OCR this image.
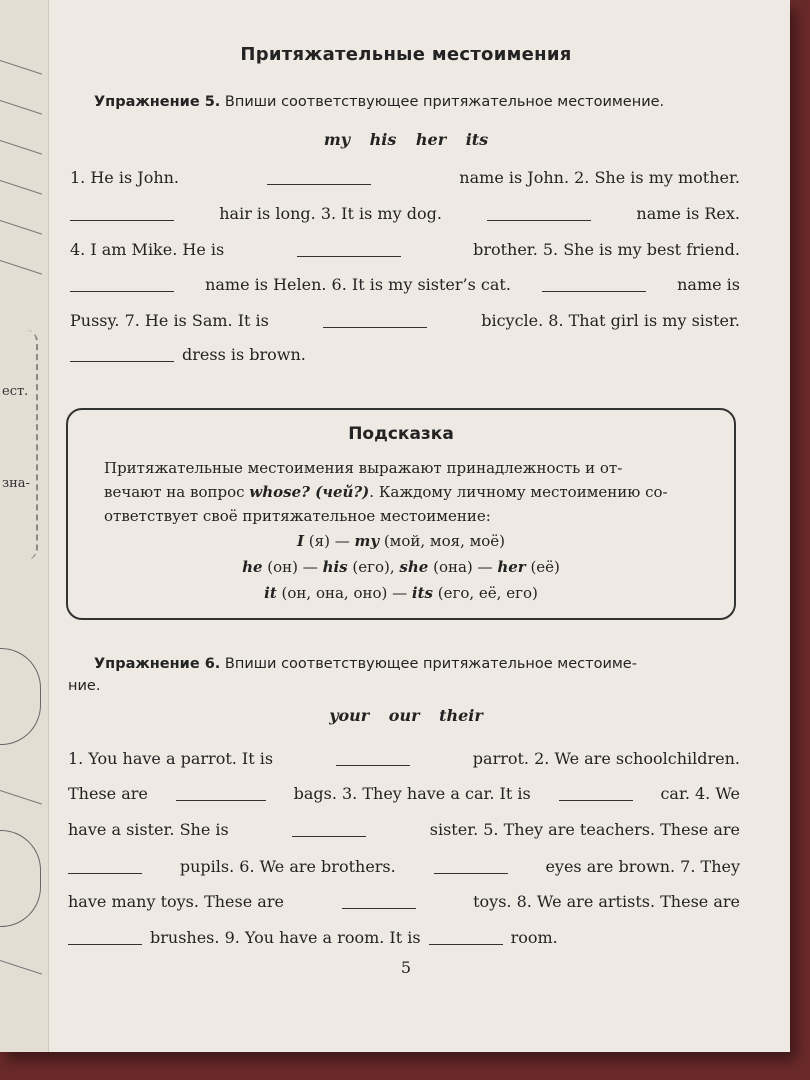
ест.
зна-
Притяжательные местоимения
Упражнение 5. Впиши соответствующее притяжательное местоимение.
my his her its
1. He is John.	name is John. 2. She is my mother.
hair is long. 3. It is my dog.	name is Rex.
4. I am Mike. He is	brother. 5. She is my best friend.
name is Helen. 6. It is my sister’s cat.	name is
Pussy. 7. He is Sam. It is	bicycle. 8. That girl is my sister.
dress is brown.
Подсказка
Притяжательные местоимения выражают принадлежность и от-
вечают на вопрос whose? (чей?). Каждому личному местоимению со-
ответствует своё притяжательное местоимение:
I (я) — my (мой, моя, моё)
he (он) — his (его), she (она) — her (её)
it (он, она, оно) — its (его, её, его)
Упражнение 6. Впиши соответствующее притяжательное местоиме-
ние.
your our their
1. You have a parrot. It is	parrot. 2. We are schoolchildren.
These are	bags. 3. They have a car. It is	car. 4. We
have a sister. She is	sister. 5. They are teachers. These are
pupils. 6. We are brothers.	eyes are brown. 7. They
have many toys. These are	toys. 8. We are artists. These are
brushes. 9. You have a room. It is	room.
5
